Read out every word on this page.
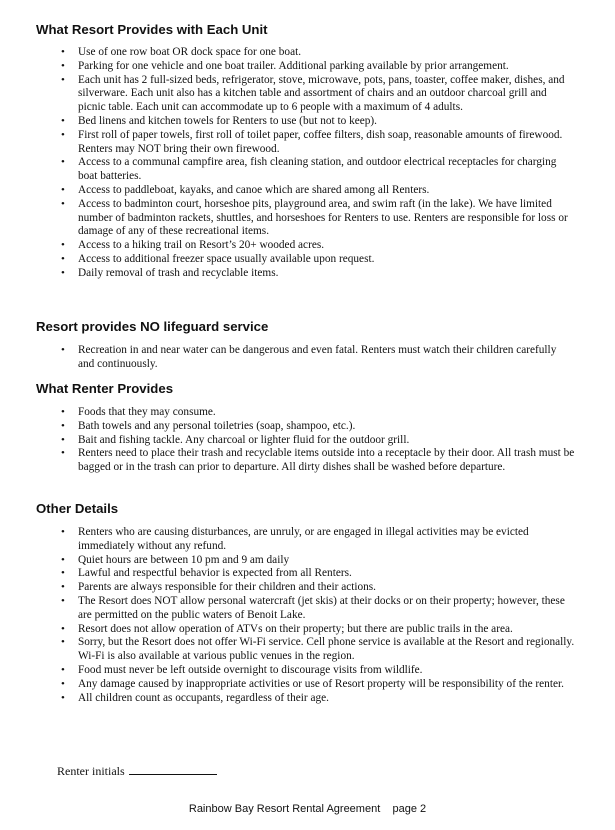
What Resort Provides with Each Unit
• Use of one row boat OR dock space for one boat.
• Parking for one vehicle and one boat trailer. Additional parking available by prior arrangement.
• Each unit has 2 full-sized beds, refrigerator, stove, microwave, pots, pans, toaster, coffee maker, dishes, and silverware. Each unit also has a kitchen table and assortment of chairs and an outdoor charcoal grill and picnic table. Each unit can accommodate up to 6 people with a maximum of 4 adults.
• Bed linens and kitchen towels for Renters to use (but not to keep).
• First roll of paper towels, first roll of toilet paper, coffee filters, dish soap, reasonable amounts of firewood. Renters may NOT bring their own firewood.
• Access to a communal campfire area, fish cleaning station, and outdoor electrical receptacles for charging boat batteries.
• Access to paddleboat, kayaks, and canoe which are shared among all Renters.
• Access to badminton court, horseshoe pits, playground area, and swim raft (in the lake). We have limited number of badminton rackets, shuttles, and horseshoes for Renters to use. Renters are responsible for loss or damage of any of these recreational items.
• Access to a hiking trail on Resort’s 20+ wooded acres.
• Access to additional freezer space usually available upon request.
• Daily removal of trash and recyclable items.
Resort provides NO lifeguard service
• Recreation in and near water can be dangerous and even fatal. Renters must watch their children carefully and continuously.
What Renter Provides
• Foods that they may consume.
• Bath towels and any personal toiletries (soap, shampoo, etc.).
• Bait and fishing tackle. Any charcoal or lighter fluid for the outdoor grill.
• Renters need to place their trash and recyclable items outside into a receptacle by their door. All trash must be bagged or in the trash can prior to departure. All dirty dishes shall be washed before departure.
Other Details
• Renters who are causing disturbances, are unruly, or are engaged in illegal activities may be evicted immediately without any refund.
• Quiet hours are between 10 pm and 9 am daily
• Lawful and respectful behavior is expected from all Renters.
• Parents are always responsible for their children and their actions.
• The Resort does NOT allow personal watercraft (jet skis) at their docks or on their property; however, these are permitted on the public waters of Benoit Lake.
• Resort does not allow operation of ATVs on their property; but there are public trails in the area.
• Sorry, but the Resort does not offer Wi-Fi service. Cell phone service is available at the Resort and regionally. Wi-Fi is also available at various public venues in the region.
• Food must never be left outside overnight to discourage visits from wildlife.
• Any damage caused by inappropriate activities or use of Resort property will be responsibility of the renter.
• All children count as occupants, regardless of their age.
Renter initials
Rainbow Bay Resort Rental Agreement    page 2
